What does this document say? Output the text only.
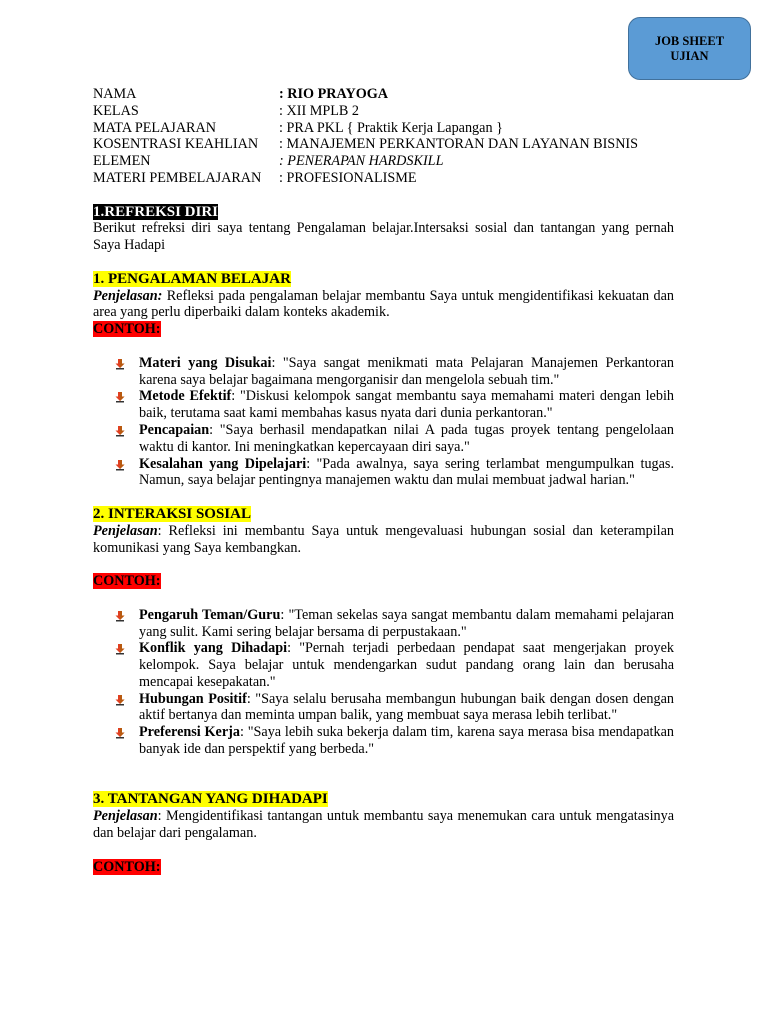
JOB SHEET
UJIAN
NAMA	: RIO PRAYOGA
KELAS	: XII MPLB 2
MATA PELAJARAN	: PRA PKL { Praktik Kerja Lapangan }
KOSENTRASI KEAHLIAN	: MANAJEMEN PERKANTORAN DAN LAYANAN BISNIS
ELEMEN	: PENERAPAN HARDSKILL
MATERI PEMBELAJARAN	: PROFESIONALISME
1.REFREKSI DIRI
Berikut refreksi diri saya tentang Pengalaman belajar.Intersaksi sosial dan tantangan yang pernah Saya Hadapi
1. PENGALAMAN BELAJAR
Penjelasan: Refleksi pada pengalaman belajar membantu Saya untuk mengidentifikasi kekuatan dan area yang perlu diperbaiki dalam konteks akademik.
CONTOH:
Materi yang Disukai: "Saya sangat menikmati mata Pelajaran Manajemen Perkantoran karena saya belajar bagaimana mengorganisir dan mengelola sebuah tim."
Metode Efektif: "Diskusi kelompok sangat membantu saya memahami materi dengan lebih baik, terutama saat kami membahas kasus nyata dari dunia perkantoran."
Pencapaian: "Saya berhasil mendapatkan nilai A pada tugas proyek tentang pengelolaan waktu di kantor. Ini meningkatkan kepercayaan diri saya."
Kesalahan yang Dipelajari: "Pada awalnya, saya sering terlambat mengumpulkan tugas. Namun, saya belajar pentingnya manajemen waktu dan mulai membuat jadwal harian."
2. INTERAKSI SOSIAL
Penjelasan: Refleksi ini membantu Saya untuk mengevaluasi hubungan sosial dan keterampilan komunikasi yang Saya kembangkan.
CONTOH:
Pengaruh Teman/Guru: "Teman sekelas saya sangat membantu dalam memahami pelajaran yang sulit. Kami sering belajar bersama di perpustakaan."
Konflik yang Dihadapi: "Pernah terjadi perbedaan pendapat saat mengerjakan proyek kelompok. Saya belajar untuk mendengarkan sudut pandang orang lain dan berusaha mencapai kesepakatan."
Hubungan Positif: "Saya selalu berusaha membangun hubungan baik dengan dosen dengan aktif bertanya dan meminta umpan balik, yang membuat saya merasa lebih terlibat."
Preferensi Kerja: "Saya lebih suka bekerja dalam tim, karena saya merasa bisa mendapatkan banyak ide dan perspektif yang berbeda."
3. TANTANGAN YANG DIHADAPI
Penjelasan: Mengidentifikasi tantangan untuk membantu saya menemukan cara untuk mengatasinya dan belajar dari pengalaman.
CONTOH:
